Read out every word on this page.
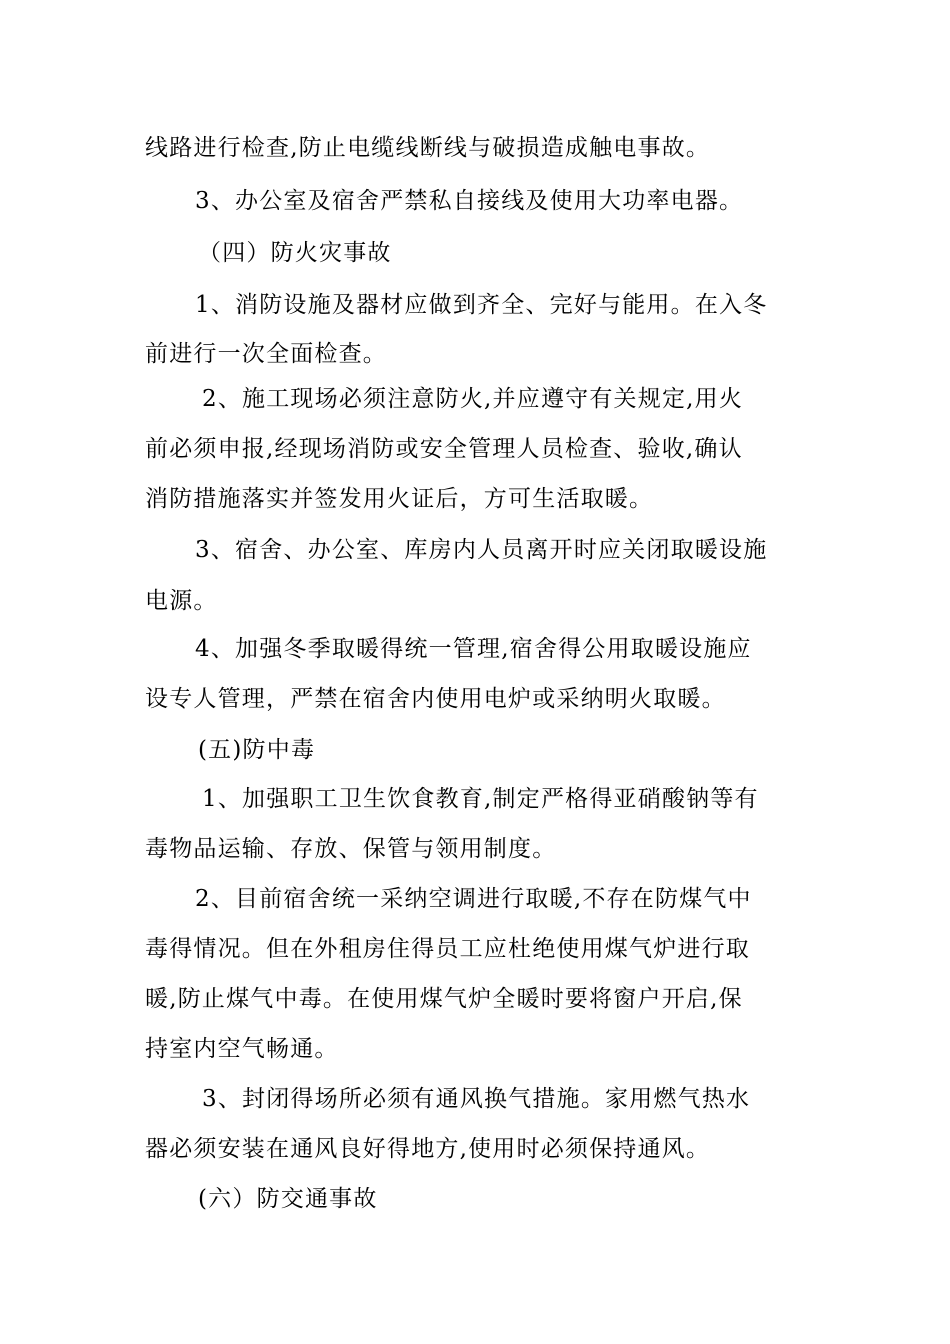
线路进行检查,防止电缆线断线与破损造成触电事故。
3、办公室及宿舍严禁私自接线及使用大功率电器。
（四）防火灾事故
1、消防设施及器材应做到齐全、完好与能用。在入冬
前进行一次全面检查。
2、施工现场必须注意防火,并应遵守有关规定,用火
前必须申报,经现场消防或安全管理人员检查、验收,确认
消防措施落实并签发用火证后，方可生活取暖。
3、宿舍、办公室、库房内人员离开时应关闭取暖设施
电源。
4、加强冬季取暖得统一管理,宿舍得公用取暖设施应
设专人管理，严禁在宿舍内使用电炉或采纳明火取暖。
(五)防中毒
1、加强职工卫生饮食教育,制定严格得亚硝酸钠等有
毒物品运输、存放、保管与领用制度。
2、目前宿舍统一采纳空调进行取暖,不存在防煤气中
毒得情况。但在外租房住得员工应杜绝使用煤气炉进行取
暖,防止煤气中毒。在使用煤气炉全暖时要将窗户开启,保
持室内空气畅通。
3、封闭得场所必须有通风换气措施。家用燃气热水
器必须安装在通风良好得地方,使用时必须保持通风。
(六）防交通事故
